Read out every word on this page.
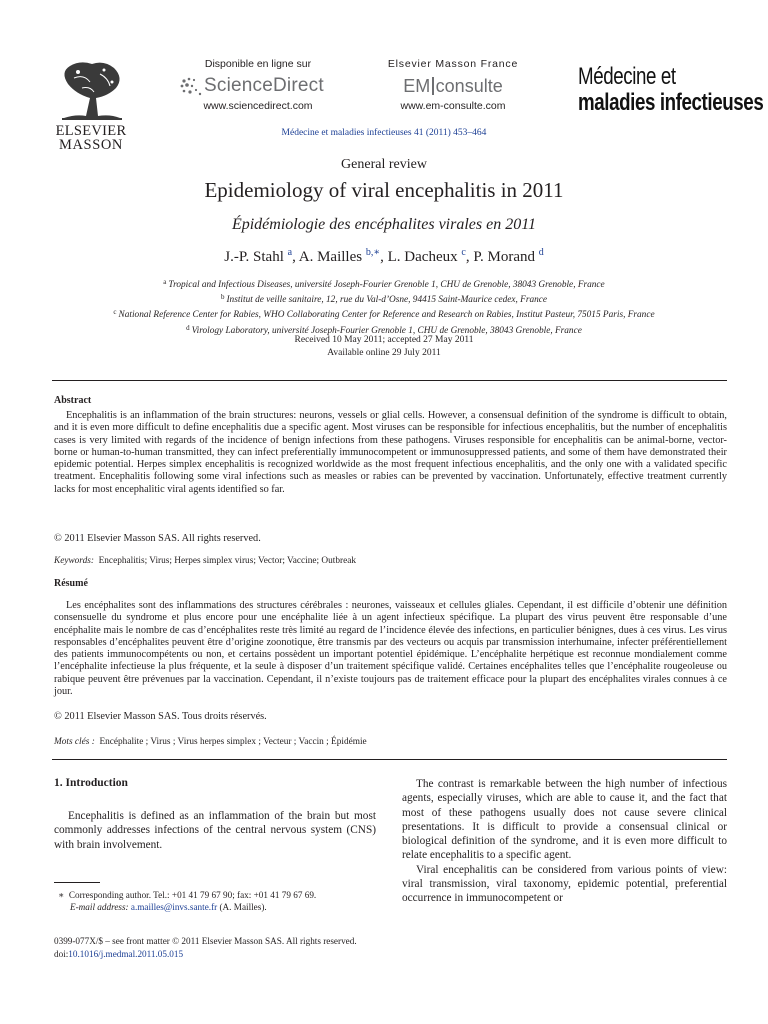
ELSEVIER
MASSON
Disponible en ligne sur
ScienceDirect
www.sciencedirect.com
Elsevier Masson France
EM consulte
www.em-consulte.com
Médecine et
maladies infectieuses
Médecine et maladies infectieuses 41 (2011) 453–464
General review
Epidemiology of viral encephalitis in 2011
Épidémiologie des encéphalites virales en 2011
J.-P. Stahl $^a$, A. Mailles $^{b,∗}$, L. Dacheux $^c$, P. Morand $^d$
$^a$ Tropical and Infectious Diseases, université Joseph-Fourier Grenoble 1, CHU de Grenoble, 38043 Grenoble, France
$^b$ Institut de veille sanitaire, 12, rue du Val-d’Osne, 94415 Saint-Maurice cedex, France
$^c$ National Reference Center for Rabies, WHO Collaborating Center for Reference and Research on Rabies, Institut Pasteur, 75015 Paris, France
$^d$ Virology Laboratory, université Joseph-Fourier Grenoble 1, CHU de Grenoble, 38043 Grenoble, France
Received 10 May 2011; accepted 27 May 2011
Available online 29 July 2011
Abstract
Encephalitis is an inflammation of the brain structures: neurons, vessels or glial cells. However, a consensual definition of the syndrome is difficult to obtain, and it is even more difficult to define encephalitis due a specific agent. Most viruses can be responsible for infectious encephalitis, but the number of encephalitis cases is very limited with regards of the incidence of benign infections from these pathogens. Viruses responsible for encephalitis can be animal-borne, vector-borne or human-to-human transmitted, they can infect preferentially immunocompetent or immunosuppressed patients, and some of them have demonstrated their epidemic potential. Herpes simplex encephalitis is recognized worldwide as the most frequent infectious encephalitis, and the only one with a validated specific treatment. Encephalitis following some viral infections such as measles or rabies can be prevented by vaccination. Unfortunately, effective treatment currently lacks for most encephalitic viral agents identified so far.
© 2011 Elsevier Masson SAS. All rights reserved.
Keywords: Encephalitis; Virus; Herpes simplex virus; Vector; Vaccine; Outbreak
Résumé
Les encéphalites sont des inflammations des structures cérébrales : neurones, vaisseaux et cellules gliales. Cependant, il est difficile d’obtenir une définition consensuelle du syndrome et plus encore pour une encéphalite liée à un agent infectieux spécifique. La plupart des virus peuvent être responsable d’une encéphalite mais le nombre de cas d’encéphalites reste très limité au regard de l’incidence élevée des infections, en particulier bénignes, dues à ces virus. Les virus responsables d’encéphalites peuvent être d’origine zoonotique, être transmis par des vecteurs ou acquis par transmission interhumaine, infecter préférentiellement des patients immunocompétents ou non, et certains possèdent un important potentiel épidémique. L’encéphalite herpétique est reconnue mondialement comme l’encéphalite infectieuse la plus fréquente, et la seule à disposer d’un traitement spécifique validé. Certaines encéphalites telles que l’encéphalite rougeoleuse ou rabique peuvent être prévenues par la vaccination. Cependant, il n’existe toujours pas de traitement efficace pour la plupart des encéphalites virales connues à ce jour.
© 2011 Elsevier Masson SAS. Tous droits réservés.
Mots clés : Encéphalite ; Virus ; Virus herpes simplex ; Vecteur ; Vaccin ; Épidémie
1. Introduction
Encephalitis is defined as an inflammation of the brain but most commonly addresses infections of the central nervous system (CNS) with brain involvement.
∗ Corresponding author. Tel.: +01 41 79 67 90; fax: +01 41 79 67 69.
E-mail address: a.mailles@invs.sante.fr (A. Mailles).
The contrast is remarkable between the high number of infectious agents, especially viruses, which are able to cause it, and the fact that most of these pathogens usually does not cause severe clinical presentations. It is difficult to provide a consensual clinical or biological definition of the syndrome, and it is even more difficult to relate encephalitis to a specific agent.
Viral encephalitis can be considered from various points of view: viral transmission, viral taxonomy, epidemic potential, preferential occurrence in immunocompetent or
0399-077X/$ – see front matter © 2011 Elsevier Masson SAS. All rights reserved.
doi:10.1016/j.medmal.2011.05.015
